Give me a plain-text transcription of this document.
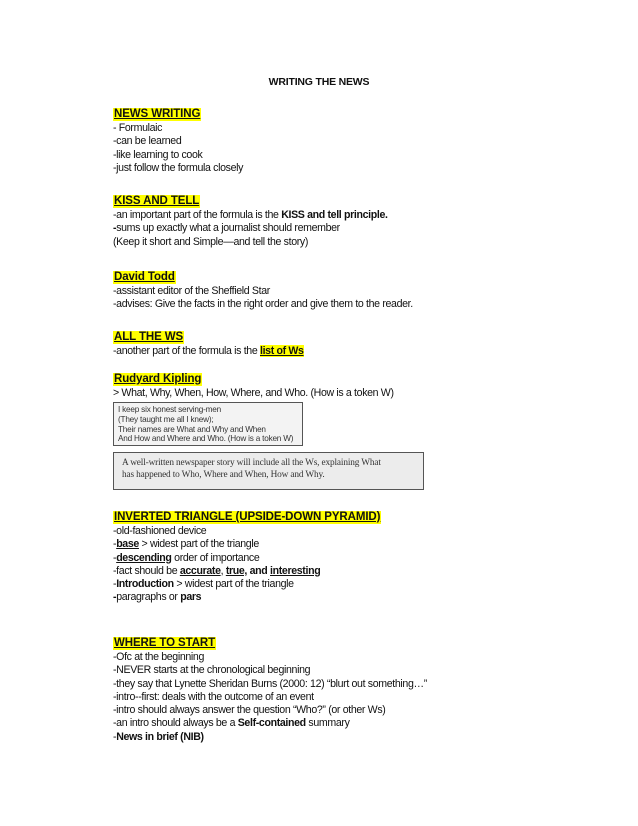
WRITING THE NEWS
NEWS WRITING
- Formulaic
-can be learned
-like learning to cook
-just follow the formula closely
KISS AND TELL
-an important part of the formula is the KISS and tell principle.
-sums up exactly what a journalist should remember
(Keep it short and Simple—and tell the story)
David Todd
-assistant editor of the Sheffield Star
-advises: Give the facts in the right order and give them to the reader.
ALL THE WS
-another part of the formula is the list of Ws
Rudyard Kipling
> What, Why, When, How, Where, and Who. (How is a token W)
I keep six honest serving-men
(They taught me all I knew);
Their names are What and Why and When
And How and Where and Who. (How is a token W)
A well-written newspaper story will include all the Ws, explaining What
has happened to Who, Where and When, How and Why.
INVERTED TRIANGLE (UPSIDE-DOWN PYRAMID)
-old-fashioned device
-base > widest part of the triangle
-descending order of importance
-fact should be accurate, true, and interesting
-Introduction > widest part of the triangle
-paragraphs or pars
WHERE TO START
-Ofc at the beginning
-NEVER starts at the chronological beginning
-they say that Lynette Sheridan Burns (2000: 12) “blurt out something…”
-intro--first: deals with the outcome of an event
-intro should always answer the question “Who?” (or other Ws)
-an intro should always be a Self-contained summary
-News in brief (NIB)
